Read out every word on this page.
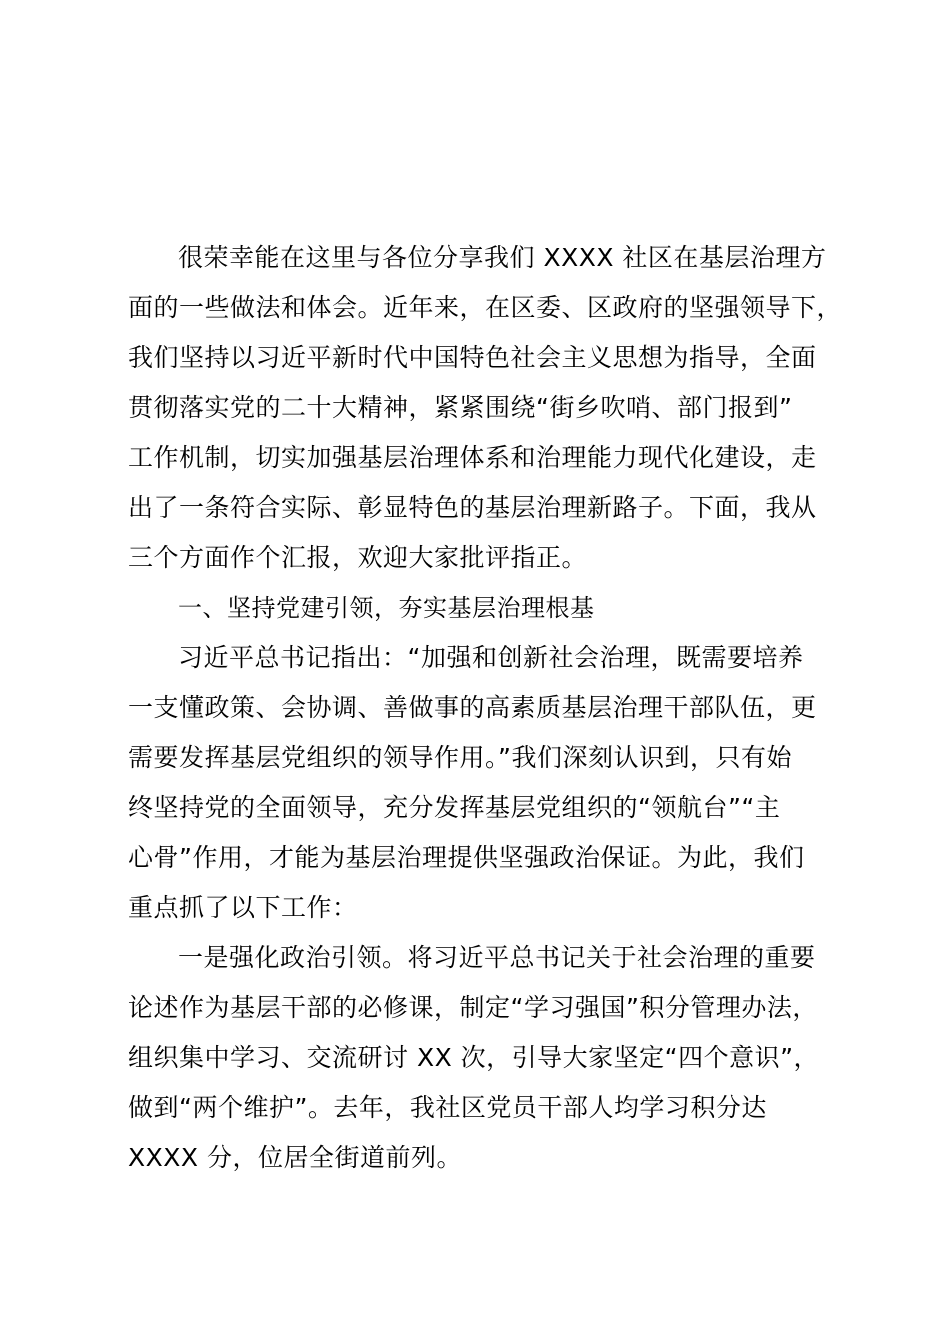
很荣幸能在这里与各位分享我们 XXXX 社区在基层治理方
面的一些做法和体会。近年来，在区委、区政府的坚强领导下，
我们坚持以习近平新时代中国特色社会主义思想为指导，全面
贯彻落实党的二十大精神，紧紧围绕“街乡吹哨、部门报到”
工作机制，切实加强基层治理体系和治理能力现代化建设，走
出了一条符合实际、彰显特色的基层治理新路子。下面，我从
三个方面作个汇报，欢迎大家批评指正。
一、坚持党建引领，夯实基层治理根基
习近平总书记指出：“加强和创新社会治理，既需要培养
一支懂政策、会协调、善做事的高素质基层治理干部队伍，更
需要发挥基层党组织的领导作用。”我们深刻认识到，只有始
终坚持党的全面领导，充分发挥基层党组织的“领航台”“主
心骨”作用，才能为基层治理提供坚强政治保证。为此，我们
重点抓了以下工作：
一是强化政治引领。将习近平总书记关于社会治理的重要
论述作为基层干部的必修课，制定“学习强国”积分管理办法，
组织集中学习、交流研讨 XX 次，引导大家坚定“四个意识”，
做到“两个维护”。去年，我社区党员干部人均学习积分达
XXXX 分，位居全街道前列。
